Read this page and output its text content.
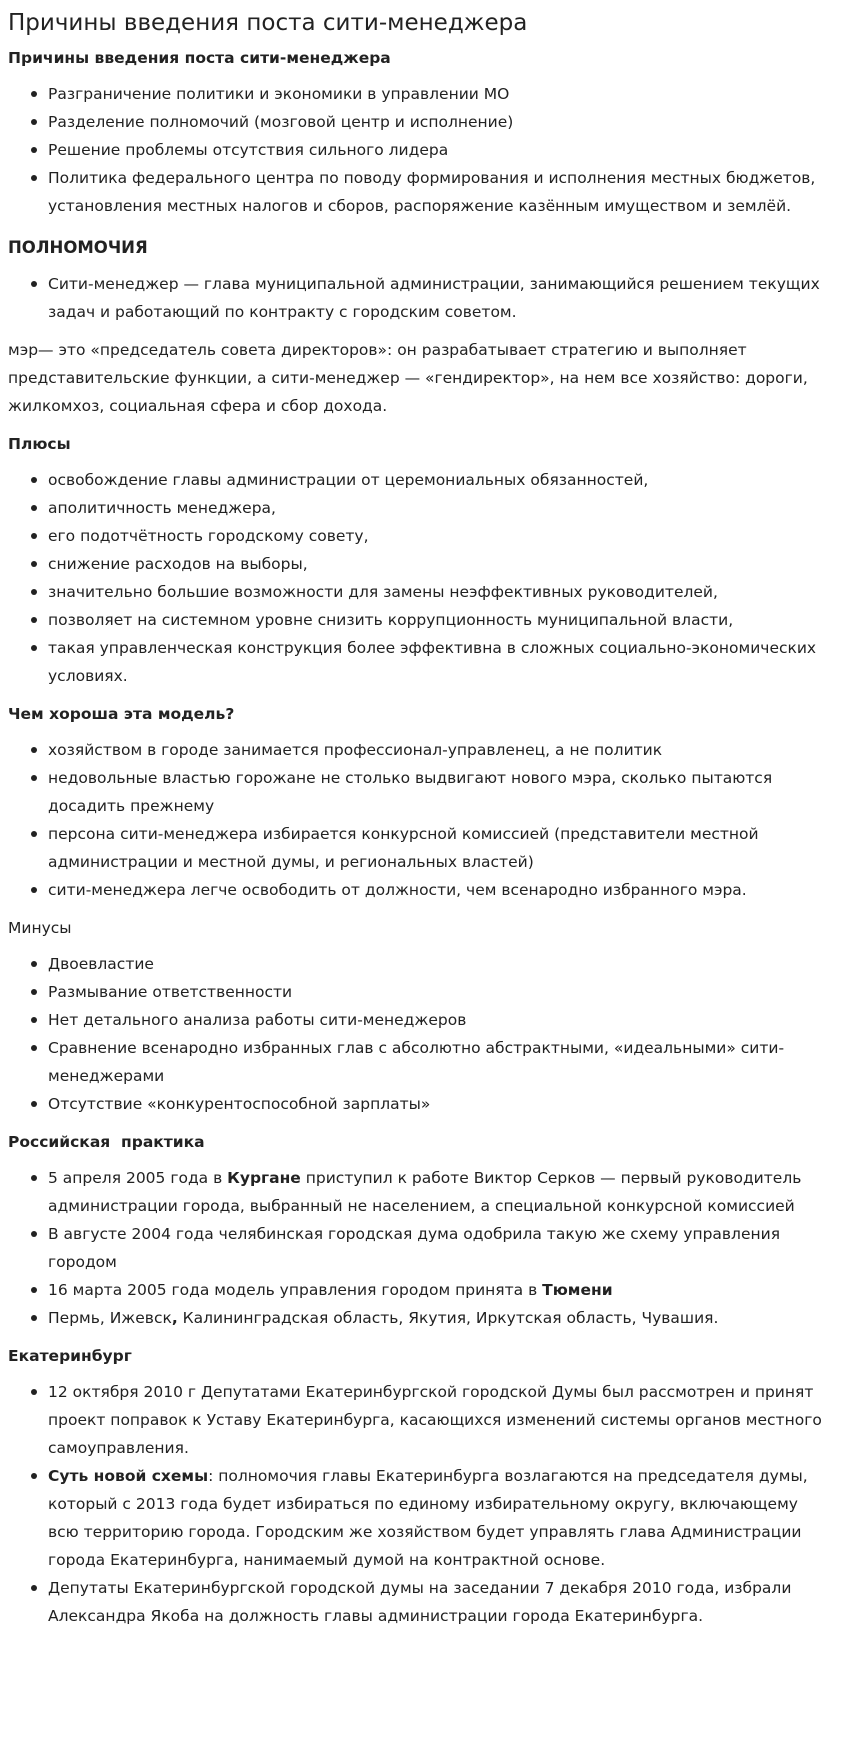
Причины введения поста сити-менеджера
Причины введения поста сити-менеджера
Разграничение политики и экономики в управлении МО
Разделение полномочий (мозговой центр и исполнение)
Решение проблемы отсутствия сильного лидера
Политика федерального центра по поводу формирования и исполнения местных бюджетов, установления местных налогов и сборов, распоряжение казённым имуществом и землёй.
ПОЛНОМОЧИЯ
Сити-менеджер — глава муниципальной администрации, занимающийся решением текущих задач и работающий по контракту с городским советом.

мэр— это «председатель совета директоров»: он разрабатывает стратегию и выполняет представительские функции, а сити-менеджер — «гендиректор», на нем все хозяйство: дороги, жилкомхоз, социальная сфера и сбор дохода.

Плюсы
освобождение главы администрации от церемониальных обязанностей,
аполитичность менеджера,
его подотчётность городскому совету,
снижение расходов на выборы,
значительно большие возможности для замены неэффективных руководителей,
позволяет на системном уровне снизить коррупционность муниципальной власти,
такая управленческая конструкция более эффективна в сложных социально-экономических условиях.
Чем хороша эта модель?
хозяйством в городе занимается профессионал-управленец, а не политик
недовольные властью горожане не столько выдвигают нового мэра, сколько пытаются досадить прежнему
персона сити-менеджера избирается конкурсной комиссией (представители местной администрации и местной думы, и региональных властей)
сити-менеджера легче освободить от должности, чем всенародно избранного мэра.
Минусы
Двоевластие
Размывание ответственности
Нет детального анализа работы сити-менеджеров
Сравнение всенародно избранных глав с абсолютно абстрактными, «идеальными» сити-менеджерами
Отсутствие «конкурентоспособной зарплаты»
Российская  практика
5 апреля 2005 года в Кургане приступил к работе Виктор Серков — первый руководитель администрации города, выбранный не населением, а специальной конкурсной комиссией
В августе 2004 года челябинская городская дума одобрила такую же схему управления городом
16 марта 2005 года модель управления городом принята в Тюмени
Пермь, Ижевск, Калининградская область, Якутия, Иркутская область, Чувашия.
Екатеринбург
12 октября 2010 г Депутатами Екатеринбургской городской Думы был рассмотрен и принят проект поправок к Уставу Екатеринбурга, касающихся изменений системы органов местного самоуправления.
Суть новой схемы: полномочия главы Екатеринбурга возлагаются на председателя думы, который с 2013 года будет избираться по единому избирательному округу, включающему всю территорию города. Городским же хозяйством будет управлять глава Администрации города Екатеринбурга, нанимаемый думой на контрактной основе.
Депутаты Екатеринбургской городской думы на заседании 7 декабря 2010 года, избрали Александра Якоба на должность главы администрации города Екатеринбурга.
